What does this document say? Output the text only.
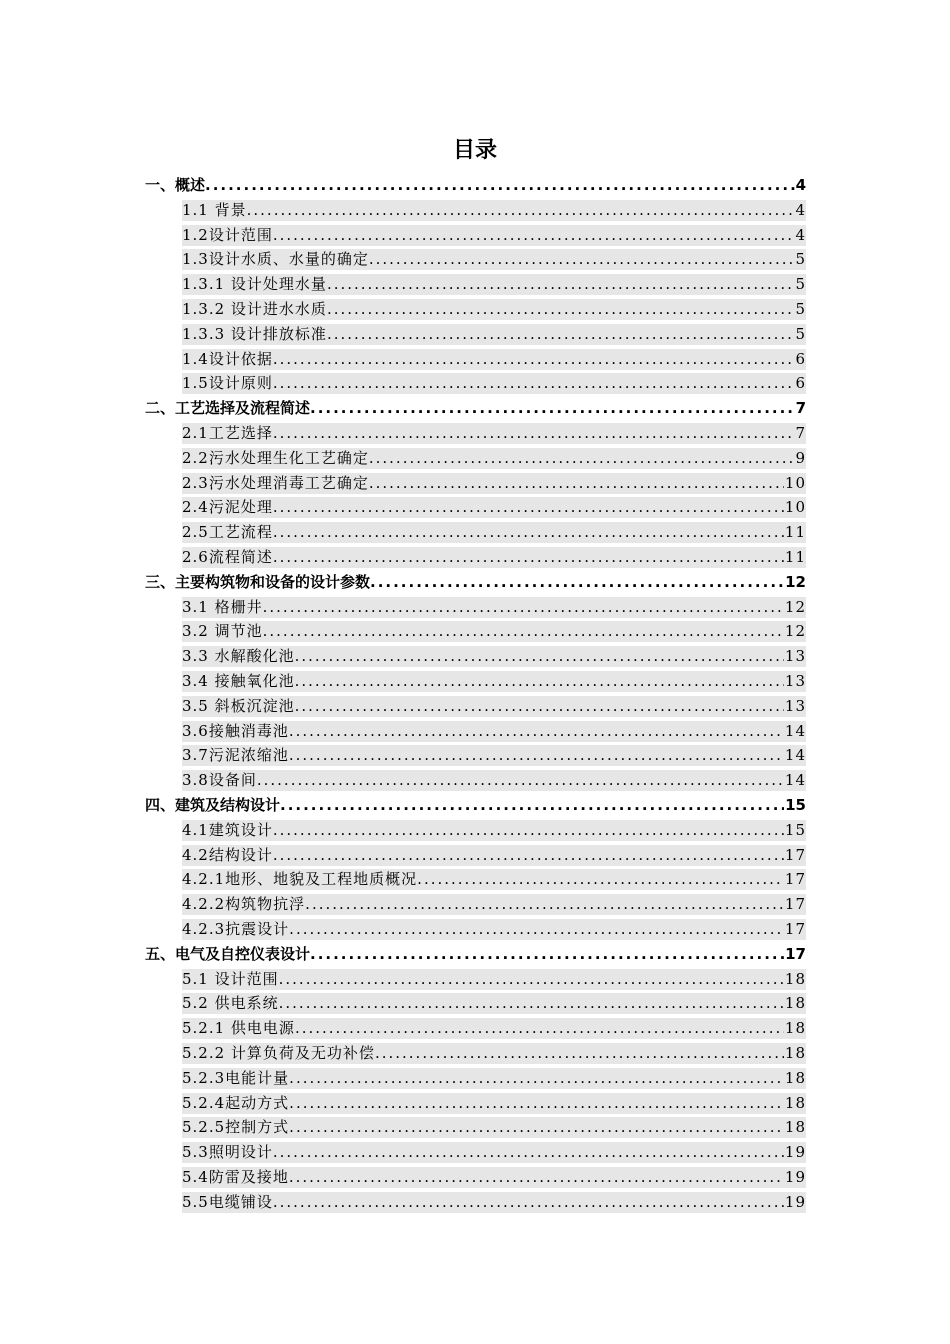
目录
一、概述 .....	4
1.1 背景 .....	4
1.2设计范围 .....	4
1.3设计水质、水量的确定 .....	5
1.3.1 设计处理水量 .....	5
1.3.2 设计进水水质 .....	5
1.3.3 设计排放标准 .....	5
1.4设计依据 .....	6
1.5设计原则 .....	6
二、工艺选择及流程简述 .....	7
2.1工艺选择 .....	7
2.2污水处理生化工艺确定 .....	9
2.3污水处理消毒工艺确定 .....	10
2.4污泥处理 .....	10
2.5工艺流程 .....	11
2.6流程简述 .....	11
三、主要构筑物和设备的设计参数 .....	12
3.1 格栅井 .....	12
3.2 调节池 .....	12
3.3 水解酸化池 .....	13
3.4 接触氧化池 .....	13
3.5 斜板沉淀池 .....	13
3.6接触消毒池 .....	14
3.7污泥浓缩池 .....	14
3.8设备间 .....	14
四、建筑及结构设计 .....	15
4.1建筑设计 .....	15
4.2结构设计 .....	17
4.2.1地形、地貌及工程地质概况 .....	17
4.2.2构筑物抗浮 .....	17
4.2.3抗震设计 .....	17
五、电气及自控仪表设计 .....	17
5.1 设计范围 .....	18
5.2 供电系统 .....	18
5.2.1 供电电源 .....	18
5.2.2 计算负荷及无功补偿 .....	18
5.2.3电能计量 .....	18
5.2.4起动方式 .....	18
5.2.5控制方式 .....	18
5.3照明设计 .....	19
5.4防雷及接地 .....	19
5.5电缆铺设 .....	19
